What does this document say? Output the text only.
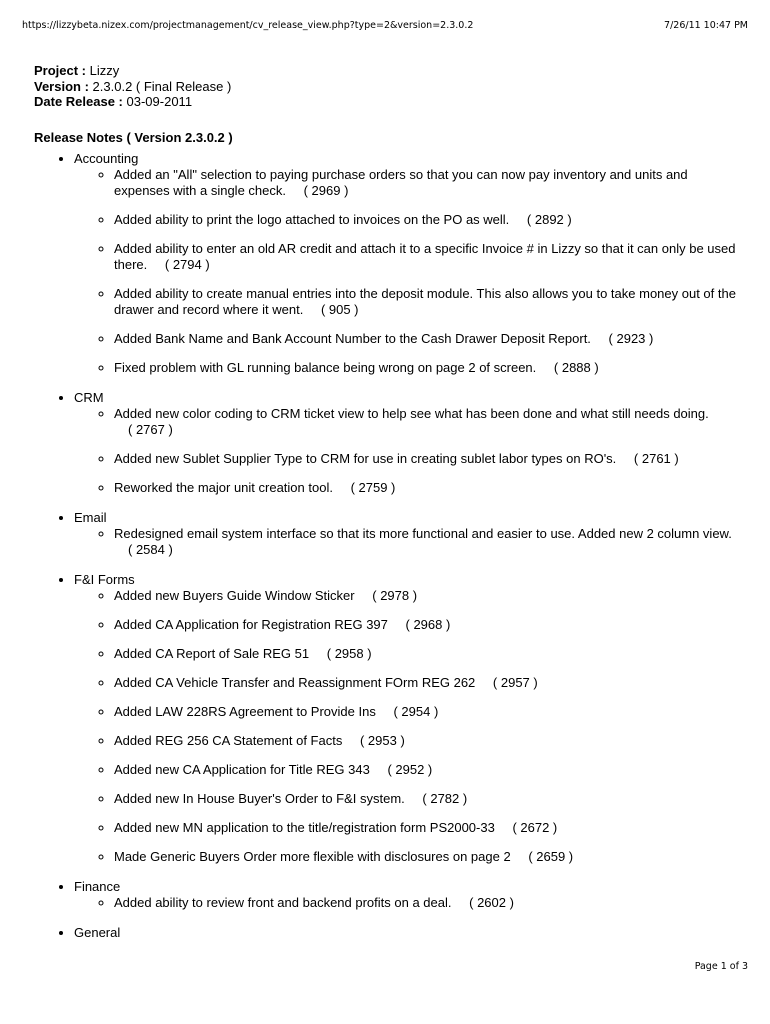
https://lizzybeta.nizex.com/projectmanagement/cv_release_view.php?type=2&version=2.3.0.2	7/26/11 10:47 PM

Project : Lizzy

Version : 2.3.0.2 ( Final Release )

Date Release : 03-09-2011

Release Notes ( Version 2.3.0.2 )

• Accounting
◦ Added an "All" selection to paying purchase orders so that you can now pay inventory and units and expenses with a single check. ( 2969 )
◦ Added ability to print the logo attached to invoices on the PO as well. ( 2892 )
◦ Added ability to enter an old AR credit and attach it to a specific Invoice # in Lizzy so that it can only be used there. ( 2794 )
◦ Added ability to create manual entries into the deposit module. This also allows you to take money out of the drawer and record where it went. ( 905 )
◦ Added Bank Name and Bank Account Number to the Cash Drawer Deposit Report. ( 2923 )
◦ Fixed problem with GL running balance being wrong on page 2 of screen. ( 2888 )
• CRM
◦ Added new color coding to CRM ticket view to help see what has been done and what still needs doing. ( 2767 )
◦ Added new Sublet Supplier Type to CRM for use in creating sublet labor types on RO's. ( 2761 )
◦ Reworked the major unit creation tool. ( 2759 )
• Email
◦ Redesigned email system interface so that its more functional and easier to use. Added new 2 column view. ( 2584 )
• F&I Forms
◦ Added new Buyers Guide Window Sticker ( 2978 )
◦ Added CA Application for Registration REG 397 ( 2968 )
◦ Added CA Report of Sale REG 51 ( 2958 )
◦ Added CA Vehicle Transfer and Reassignment FOrm REG 262 ( 2957 )
◦ Added LAW 228RS Agreement to Provide Ins ( 2954 )
◦ Added REG 256 CA Statement of Facts ( 2953 )
◦ Added new CA Application for Title REG 343 ( 2952 )
◦ Added new In House Buyer's Order to F&I system. ( 2782 )
◦ Added new MN application to the title/registration form PS2000-33 ( 2672 )
◦ Made Generic Buyers Order more flexible with disclosures on page 2 ( 2659 )
• Finance
◦ Added ability to review front and backend profits on a deal. ( 2602 )
• General
Page 1 of 3
